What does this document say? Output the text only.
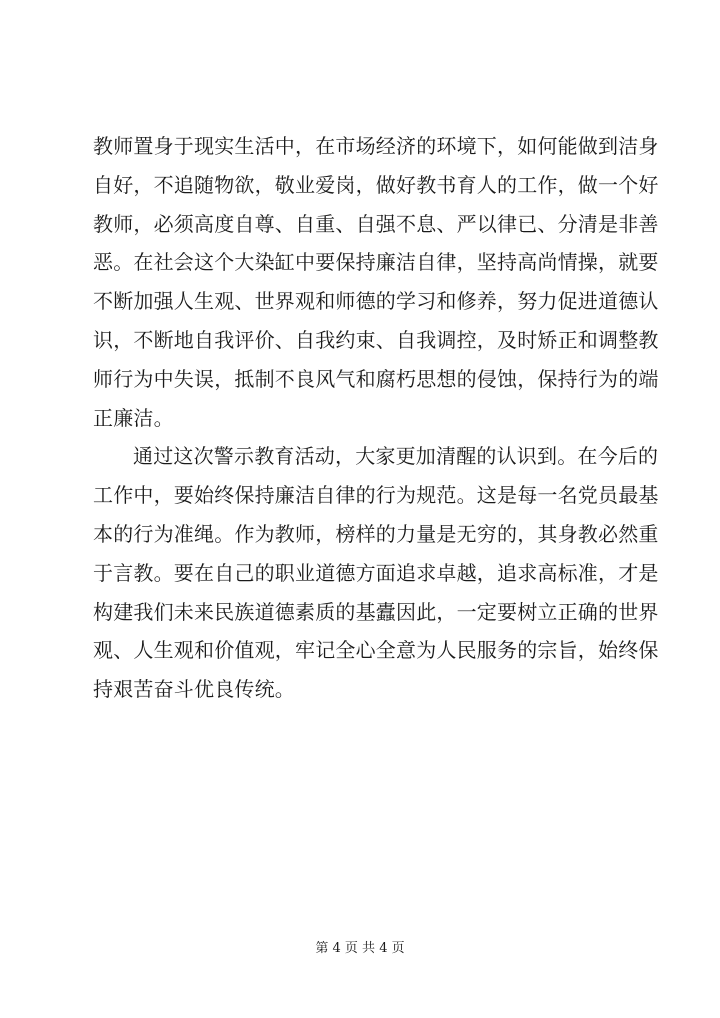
教师置身于现实生活中，在市场经济的环境下，如何能做到洁身
自好，不追随物欲，敬业爱岗，做好教书育人的工作，做一个好
教师，必须高度自尊、自重、自强不息、严以律已、分清是非善
恶。在社会这个大染缸中要保持廉洁自律，坚持高尚情操，就要
不断加强人生观、世界观和师德的学习和修养，努力促进道德认
识，不断地自我评价、自我约束、自我调控，及时矫正和调整教
师行为中失误，抵制不良风气和腐朽思想的侵蚀，保持行为的端
正廉洁。
通过这次警示教育活动，大家更加清醒的认识到。在今后的
工作中，要始终保持廉洁自律的行为规范。这是每一名党员最基
本的行为准绳。作为教师，榜样的力量是无穷的，其身教必然重
于言教。要在自己的职业道德方面追求卓越，追求高标准，才是
构建我们未来民族道德素质的基蠹因此，一定要树立正确的世界
观、人生观和价值观，牢记全心全意为人民服务的宗旨，始终保
持艰苦奋斗优良传统。
第 4 页 共 4 页
